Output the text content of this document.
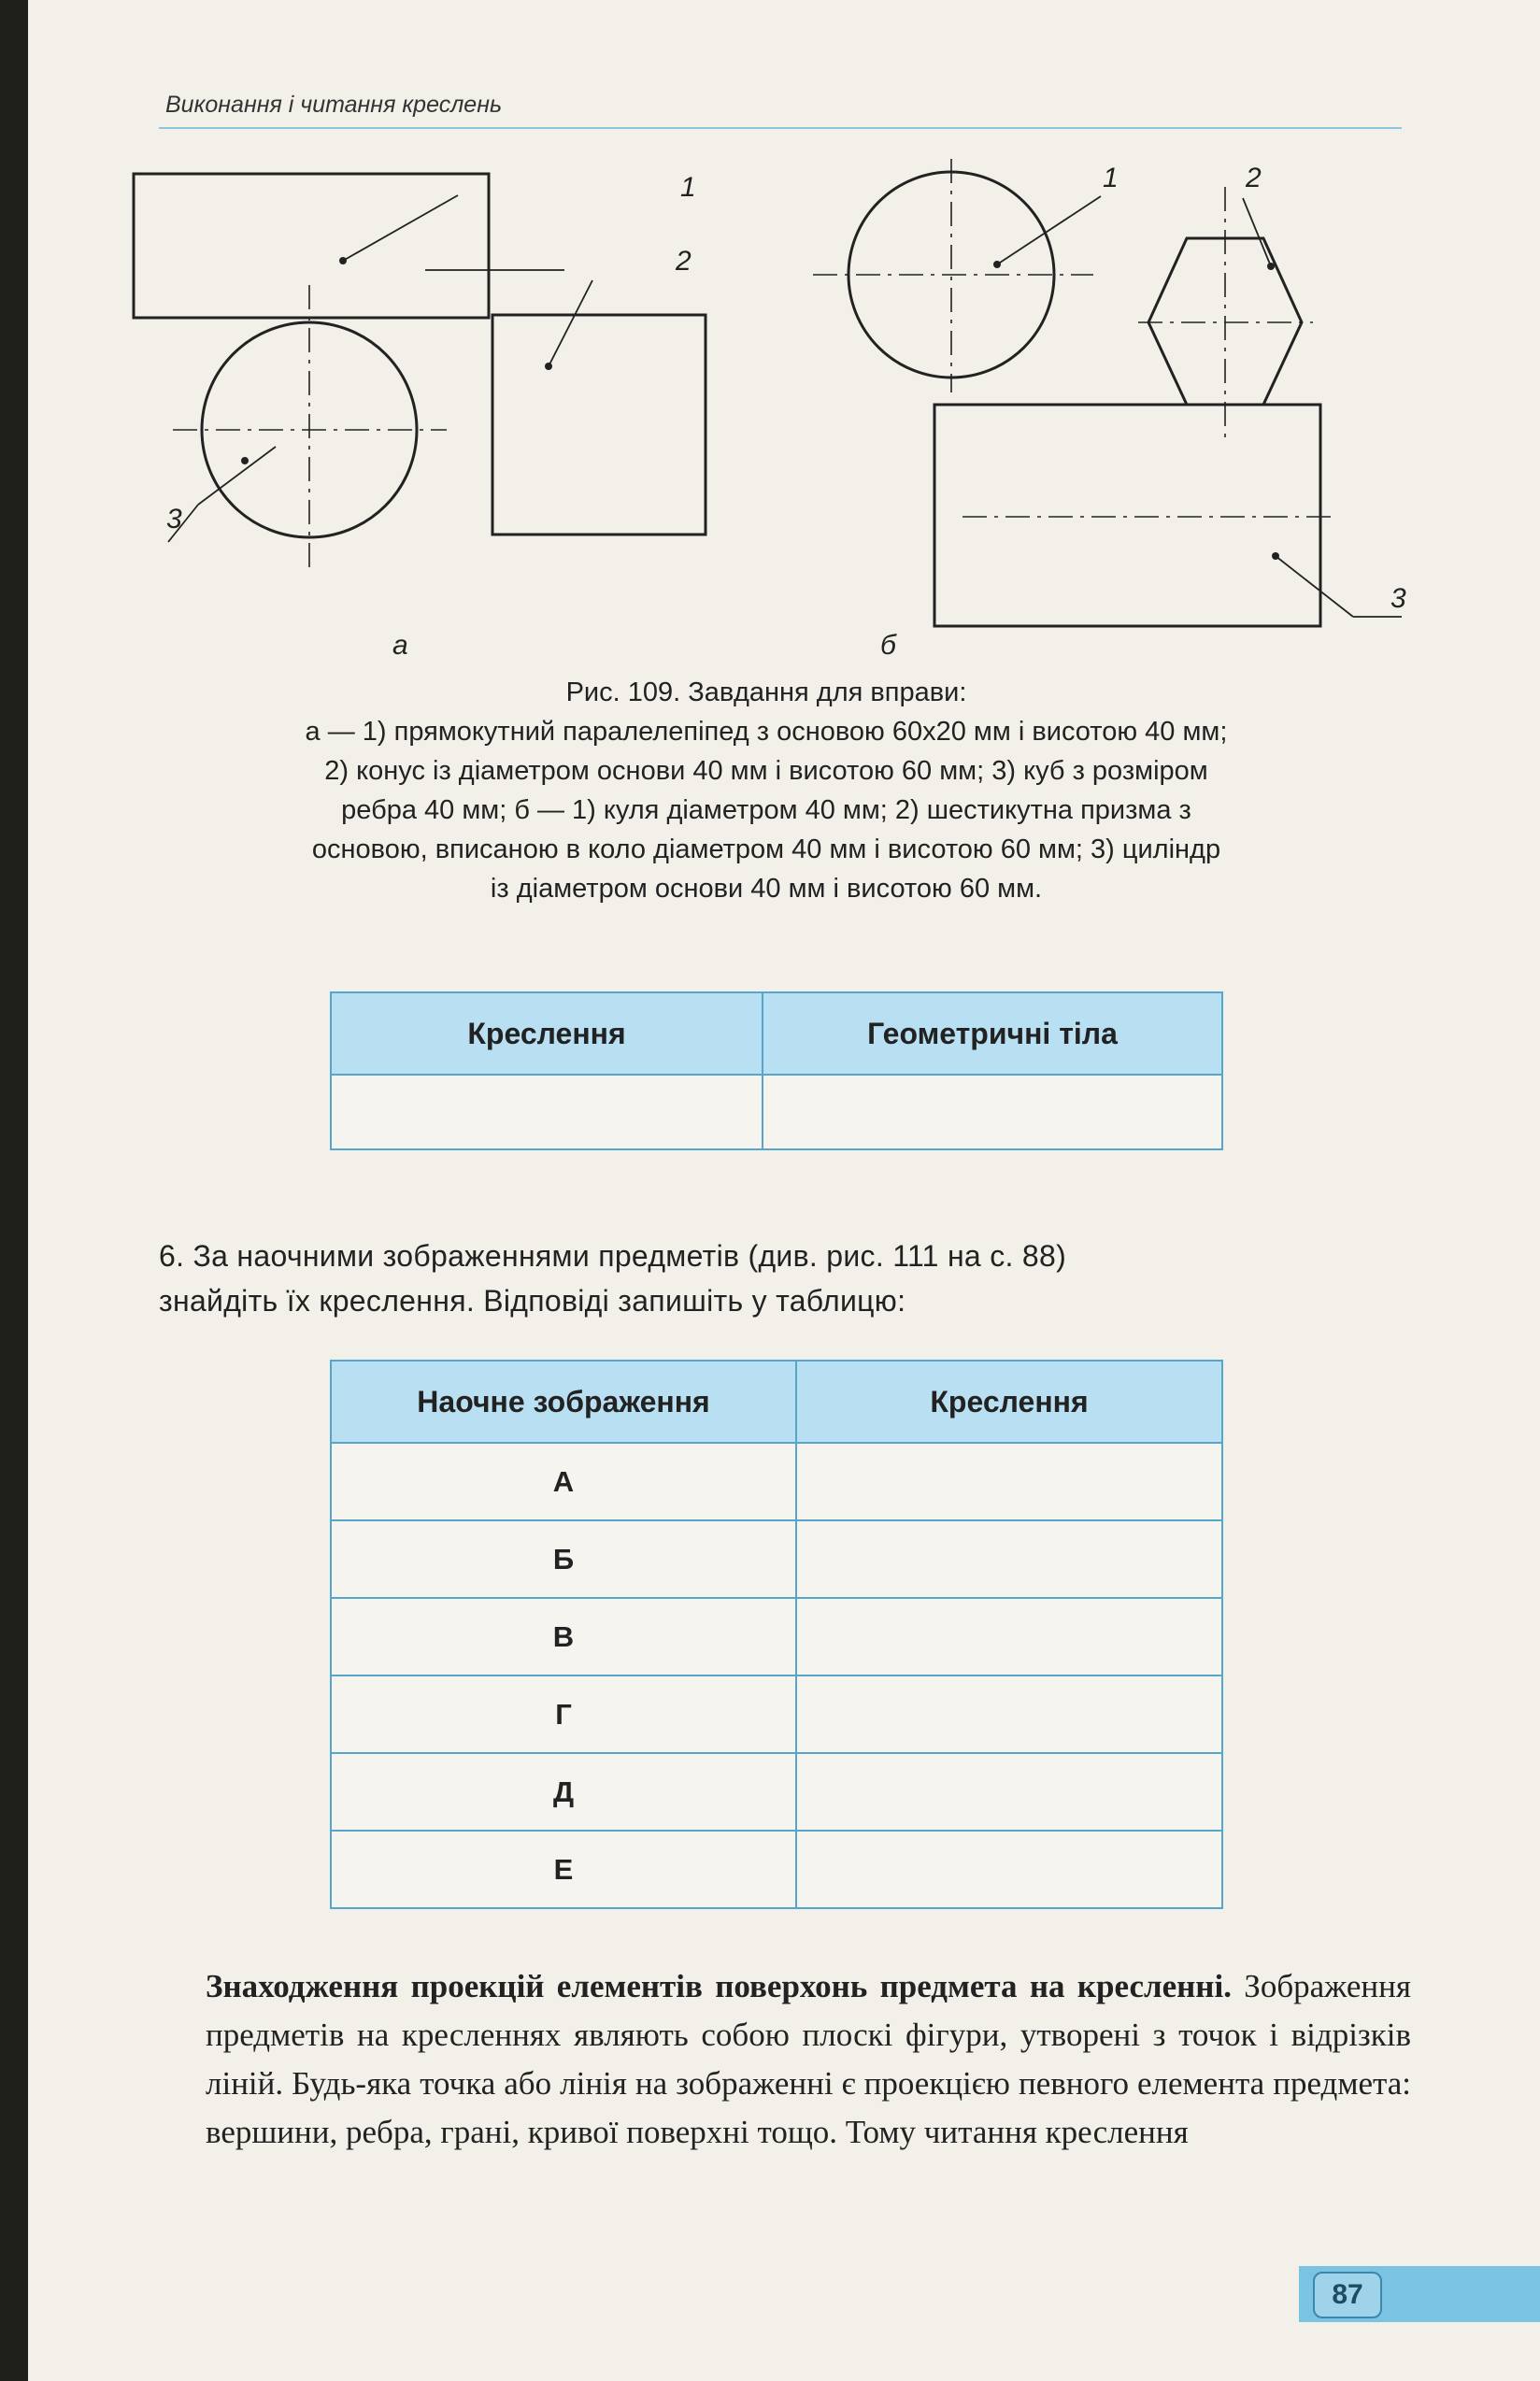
Виконання і читання креслень
1
2
3
а
1	2
3
б
Рис. 109. Завдання для вправи:
а — 1) прямокутний паралелепіпед з основою 60х20 мм і висотою 40 мм;
2) конус із діаметром основи 40 мм і висотою 60 мм; 3) куб з розміром
ребра 40 мм; б — 1) куля діаметром 40 мм; 2) шестикутна призма з
основою, вписаною в коло діаметром 40 мм і висотою 60 мм; 3) циліндр
із діаметром основи 40 мм і висотою 60 мм.
Креслення	Геометричні тіла

6. За наочними зображеннями предметів (див. рис. 111 на с. 88)
знайдіть їх креслення. Відповіді запишіть у таблицю:
Наочне зображення	Креслення
А	
Б	
В	
Г	
Д	
Е	
Знаходження проекцій елементів поверхонь предмета на кресленні. Зображення предметів на кресленнях являють собою плоскі фігури, утворені з точок і відрізків ліній. Будь-яка точка або лінія на зображенні є проекцією певного елемента предмета: вершини, ребра, грані, кривої поверхні тощо. Тому читання креслення
87
